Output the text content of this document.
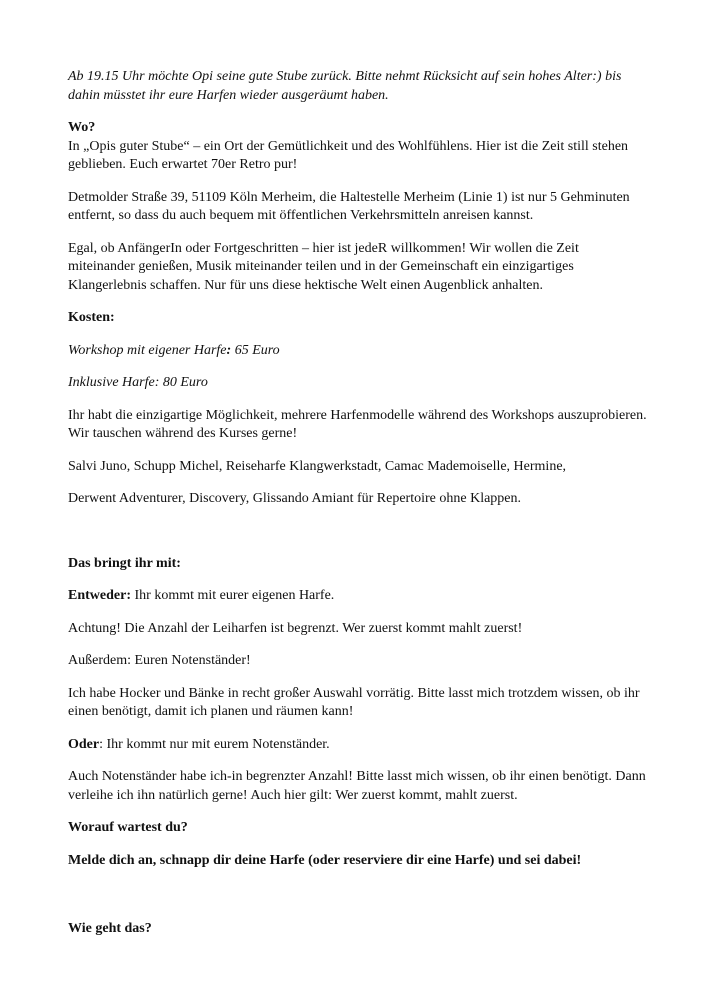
Ab 19.15 Uhr möchte Opi seine gute Stube zurück. Bitte nehmt Rücksicht auf sein hohes Alter:) bis dahin müsstet ihr eure Harfen wieder ausgeräumt haben.

Wo?

In „Opis guter Stube“ – ein Ort der Gemütlichkeit und des Wohlfühlens. Hier ist die Zeit still stehen geblieben. Euch erwartet 70er Retro pur!

Detmolder Straße 39, 51109 Köln Merheim, die Haltestelle Merheim (Linie 1) ist nur 5 Gehminuten entfernt, so dass du auch bequem mit öffentlichen Verkehrsmitteln anreisen kannst.

Egal, ob AnfängerIn oder Fortgeschritten – hier ist jedeR willkommen! Wir wollen die Zeit miteinander genießen, Musik miteinander teilen und in der Gemeinschaft ein einzigartiges Klangerlebnis schaffen. Nur für uns diese hektische Welt einen Augenblick anhalten.

Kosten:

Workshop mit eigener Harfe: 65 Euro

Inklusive Harfe: 80 Euro

Ihr habt die einzigartige Möglichkeit, mehrere Harfenmodelle während des Workshops auszuprobieren. Wir tauschen während des Kurses gerne!

Salvi Juno, Schupp Michel, Reiseharfe Klangwerkstadt, Camac Mademoiselle, Hermine,

Derwent Adventurer, Discovery, Glissando Amiant für Repertoire ohne Klappen.

Das bringt ihr mit:

Entweder: Ihr kommt mit eurer eigenen Harfe.

Achtung! Die Anzahl der Leiharfen ist begrenzt. Wer zuerst kommt mahlt zuerst!

Außerdem: Euren Notenständer!

Ich habe Hocker und Bänke in recht großer Auswahl vorrätig. Bitte lasst mich trotzdem wissen, ob ihr einen benötigt, damit ich planen und räumen kann!

Oder: Ihr kommt nur mit eurem Notenständer.

Auch Notenständer habe ich-in begrenzter Anzahl! Bitte lasst mich wissen, ob ihr einen benötigt. Dann verleihe ich ihn natürlich gerne! Auch hier gilt: Wer zuerst kommt, mahlt zuerst.

Worauf wartest du?

Melde dich an, schnapp dir deine Harfe (oder reserviere dir eine Harfe) und sei dabei!

Wie geht das?
